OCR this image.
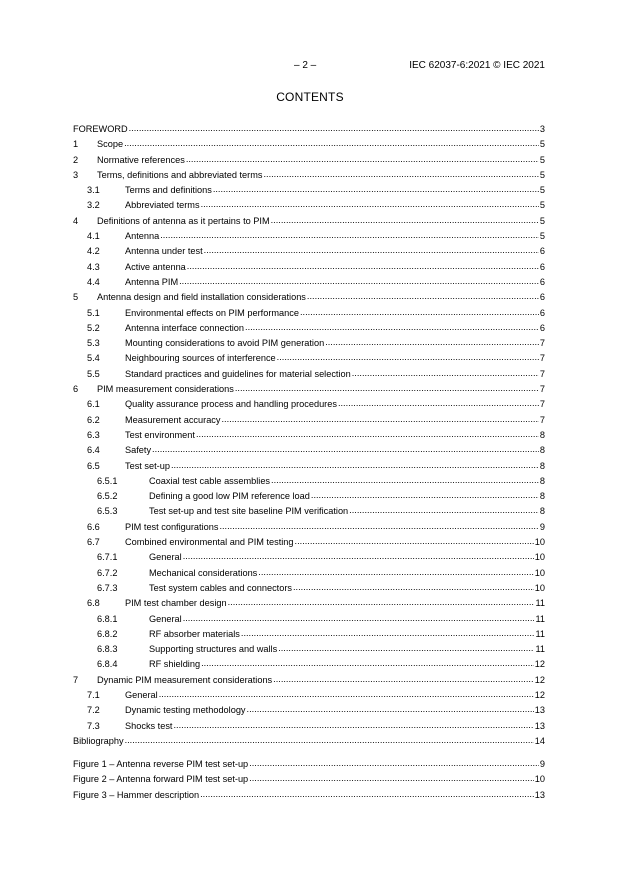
– 2 –	IEC 62037-6:2021 © IEC 2021
CONTENTS
FOREWORD .....	3
1	Scope .....	5
2	Normative references .....	5
3	Terms, definitions and abbreviated terms .....	5
3.1	Terms and definitions .....	5
3.2	Abbreviated terms .....	5
4	Definitions of antenna as it pertains to PIM .....	5
4.1	Antenna .....	5
4.2	Antenna under test .....	6
4.3	Active antenna .....	6
4.4	Antenna PIM .....	6
5	Antenna design and field installation considerations .....	6
5.1	Environmental effects on PIM performance .....	6
5.2	Antenna interface connection .....	6
5.3	Mounting considerations to avoid PIM generation .....	7
5.4	Neighbouring sources of interference .....	7
5.5	Standard practices and guidelines for material selection .....	7
6	PIM measurement considerations .....	7
6.1	Quality assurance process and handling procedures .....	7
6.2	Measurement accuracy .....	7
6.3	Test environment .....	8
6.4	Safety .....	8
6.5	Test set-up .....	8
6.5.1	Coaxial test cable assemblies .....	8
6.5.2	Defining a good low PIM reference load .....	8
6.5.3	Test set-up and test site baseline PIM verification .....	8
6.6	PIM test configurations .....	9
6.7	Combined environmental and PIM testing .....	10
6.7.1	General .....	10
6.7.2	Mechanical considerations .....	10
6.7.3	Test system cables and connectors .....	10
6.8	PIM test chamber design .....	11
6.8.1	General .....	11
6.8.2	RF absorber materials .....	11
6.8.3	Supporting structures and walls .....	11
6.8.4	RF shielding .....	12
7	Dynamic PIM measurement considerations .....	12
7.1	General .....	12
7.2	Dynamic testing methodology .....	13
7.3	Shocks test .....	13
Bibliography .....	14
Figure 1 – Antenna reverse PIM test set-up .....	9
Figure 2 – Antenna forward PIM test set-up .....	10
Figure 3 – Hammer description .....	13
